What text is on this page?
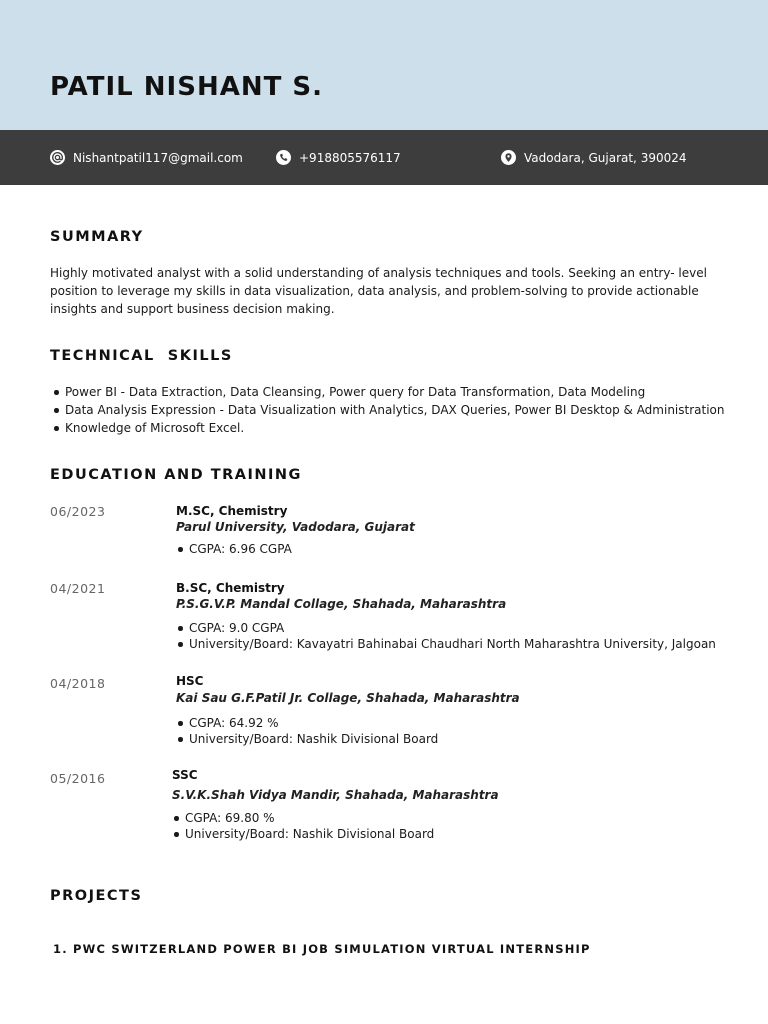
PATIL NISHANT S.
Nishantpatil117@gmail.com	+918805576117	Vadodara, Gujarat, 390024
SUMMARY

Highly motivated analyst with a solid understanding of analysis techniques and tools. Seeking an entry- level position to leverage my skills in data visualization, data analysis, and problem-solving to provide actionable insights and support business decision making.

TECHNICAL  SKILLS
Power BI - Data Extraction, Data Cleansing, Power query for Data Transformation, Data Modeling
Data Analysis Expression - Data Visualization with Analytics, DAX Queries, Power BI Desktop & Administration
Knowledge of Microsoft Excel.
EDUCATION AND TRAINING
06/2023	M.SC, Chemistry
Parul University, Vadodara, Gujarat
CGPA: 6.96 CGPA
04/2021	B.SC, Chemistry
P.S.G.V.P. Mandal Collage, Shahada, Maharashtra
CGPA: 9.0 CGPA
University/Board: Kavayatri Bahinabai Chaudhari North Maharashtra University, Jalgoan
04/2018	HSC
Kai Sau G.F.Patil Jr. Collage, Shahada, Maharashtra
CGPA: 64.92 %
University/Board: Nashik Divisional Board
05/2016	SSC
S.V.K.Shah Vidya Mandir, Shahada, Maharashtra
CGPA: 69.80 %
University/Board: Nashik Divisional Board
PROJECTS
1. PWC SWITZERLAND POWER BI JOB SIMULATION VIRTUAL INTERNSHIP
